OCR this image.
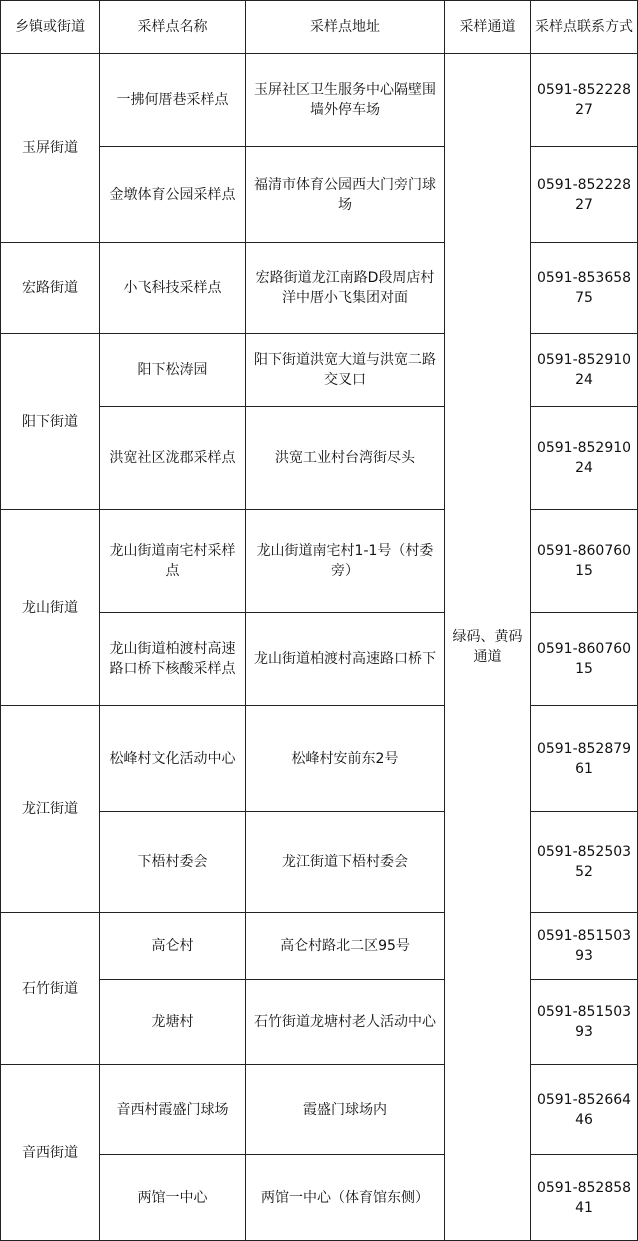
乡镇或街道	采样点名称	采样点地址	采样通道	采样点联系方式
玉屏街道	一拂何厝巷采样点	玉屏社区卫生服务中心隔壁围墙外停车场	绿码、黄码通道	0591-85222827
	金墩体育公园采样点	福清市体育公园西大门旁门球场		0591-85222827
宏路街道	小飞科技采样点	宏路街道龙江南路D段周店村洋中厝小飞集团对面		0591-85365875
阳下街道	阳下松涛园	阳下街道洪宽大道与洪宽二路交叉口		0591-85291024
	洪宽社区泷郡采样点	洪宽工业村台湾街尽头		0591-85291024
龙山街道	龙山街道南宅村采样点	龙山街道南宅村1-1号（村委旁）		0591-86076015
	龙山街道柏渡村高速路口桥下核酸采样点	龙山街道柏渡村高速路口桥下		0591-86076015
龙江街道	松峰村文化活动中心	松峰村安前东2号		0591-85287961
	下梧村委会	龙江街道下梧村委会		0591-85250352
石竹街道	高仑村	高仑村路北二区95号		0591-85150393
	龙塘村	石竹街道龙塘村老人活动中心		0591-85150393
音西街道	音西村霞盛门球场	霞盛门球场内		0591-85266446
	两馆一中心	两馆一中心（体育馆东侧）		0591-85285841
